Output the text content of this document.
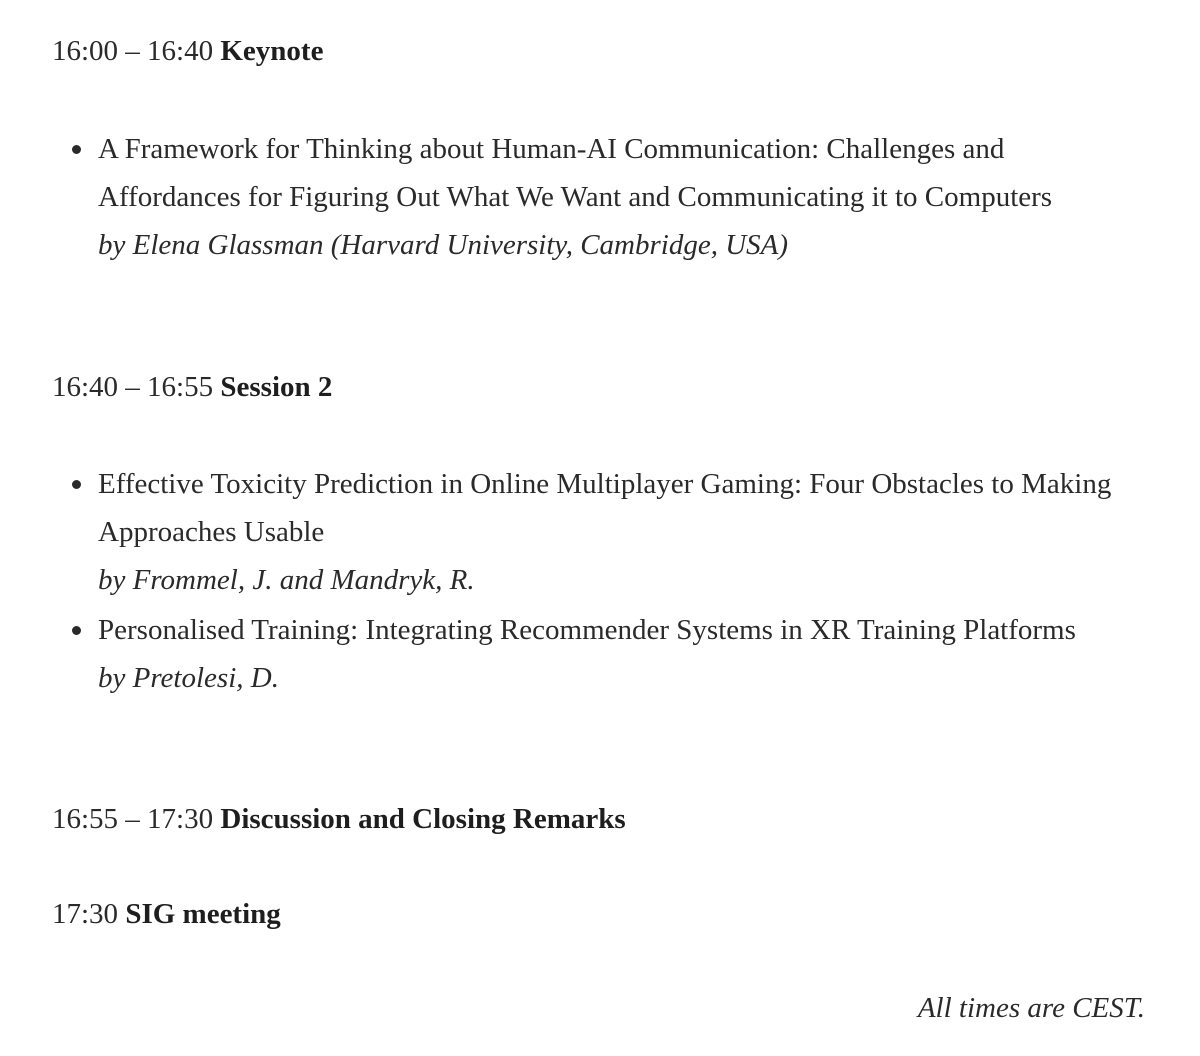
16:00 – 16:40 Keynote

A Framework for Thinking about Human-AI Communication: Challenges and Affordances for Figuring Out What We Want and Communicating it to Computers
by Elena Glassman (Harvard University, Cambridge, USA)

16:40 – 16:55 Session 2

Effective Toxicity Prediction in Online Multiplayer Gaming: Four Obstacles to Making Approaches Usable
by Frommel, J. and Mandryk, R.
Personalised Training: Integrating Recommender Systems in XR Training Platforms
by Pretolesi, D.

16:55 – 17:30 Discussion and Closing Remarks

17:30 SIG meeting

All times are CEST.
